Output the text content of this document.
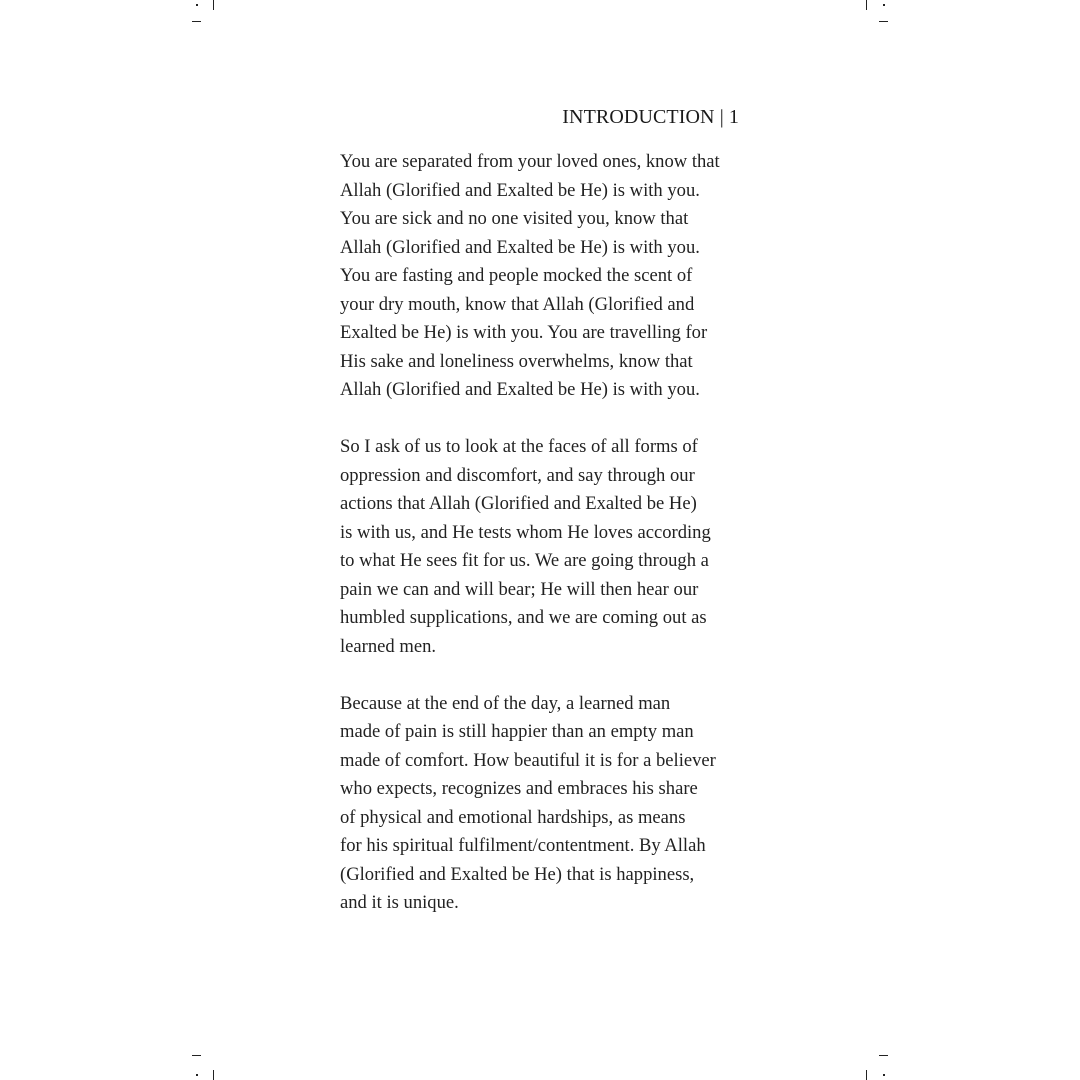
INTRODUCTION | 1
You are separated from your loved ones, know that
Allah (Glorified and Exalted be He) is with you.
You are sick and no one visited you, know that
Allah (Glorified and Exalted be He) is with you.
You are fasting and people mocked the scent of
your dry mouth, know that Allah (Glorified and
Exalted be He) is with you. You are travelling for
His sake and loneliness overwhelms, know that
Allah (Glorified and Exalted be He) is with you.
So I ask of us to look at the faces of all forms of
oppression and discomfort, and say through our
actions that Allah (Glorified and Exalted be He)
is with us, and He tests whom He loves according
to what He sees fit for us. We are going through a
pain we can and will bear; He will then hear our
humbled supplications, and we are coming out as
learned men.
Because at the end of the day, a learned man
made of pain is still happier than an empty man
made of comfort. How beautiful it is for a believer
who expects, recognizes and embraces his share
of physical and emotional hardships, as means
for his spiritual fulfilment/contentment. By Allah
(Glorified and Exalted be He) that is happiness,
and it is unique.
